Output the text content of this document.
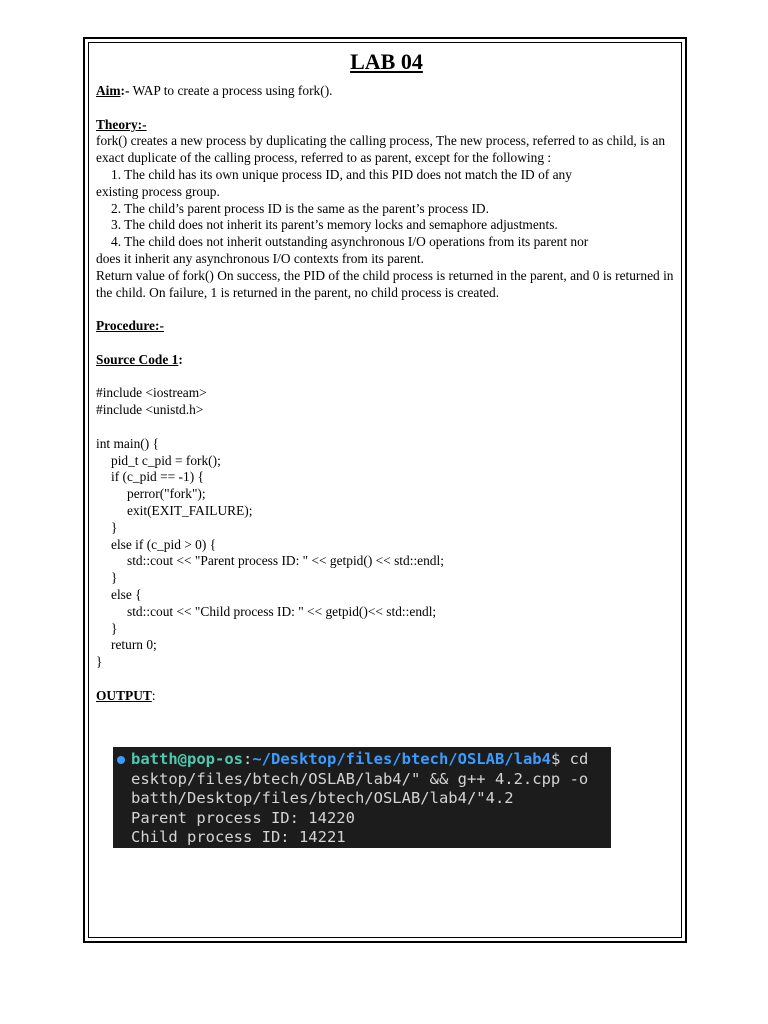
LAB 04

Aim:- WAP to create a process using fork().

Theory:-

fork() creates a new process by duplicating the calling process, The new process, referred to as child, is an exact duplicate of the calling process, referred to as parent, except for the following :

1. The child has its own unique process ID, and this PID does not match the ID of any

existing process group.

2. The child’s parent process ID is the same as the parent’s process ID.

3. The child does not inherit its parent’s memory locks and semaphore adjustments.

4. The child does not inherit outstanding asynchronous I/O operations from its parent nor

does it inherit any asynchronous I/O contexts from its parent.

Return value of fork() On success, the PID of the child process is returned in the parent, and 0 is returned in the child. On failure, 1 is returned in the parent, no child process is created.

Procedure:-

Source Code 1:

#include <iostream>

#include <unistd.h>

int main() {

pid_t c_pid = fork();

if (c_pid == -1) {

perror("fork");

exit(EXIT_FAILURE);

}

else if (c_pid > 0) {

std::cout << "Parent process ID: " << getpid() << std::endl;

}

else {

std::cout << "Child process ID: " << getpid()<< std::endl;

}

return 0;

}

OUTPUT:

batth@pop-os:~/Desktop/files/btech/OSLAB/lab4$ cd
esktop/files/btech/OSLAB/lab4/" && g++ 4.2.cpp -o
batth/Desktop/files/btech/OSLAB/lab4/"4.2
Parent process ID: 14220
Child process ID: 14221
